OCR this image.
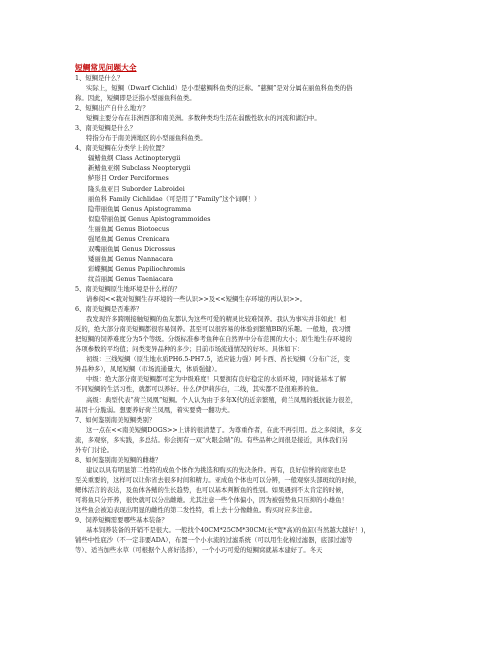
短鲷常见问题大全
1、短鲷是什么？
实际上，短鲷（Dwarf Cichlid）是小型慈鲷科鱼类的泛称。“慈鲷”是对分属在丽鱼科鱼类的俗
称。因此，短鲷即是泛指小型丽鱼科鱼类。
2、短鲷出产自什么地方？
短鲷主要分布在非洲西部和南美洲。多数种类均生活在弱酸性软水的河流和湖泊中。
3、南美短鲷是什么？
特指分布于南美洲地区的小型丽鱼科鱼类。
4、南美短鲷在分类学上的位置？
辐鳍鱼纲 Class Actinopterygii
新鳍鱼亚纲 Subclass Neopterygii
鲈形目 Order Perciformes
隆头鱼亚目 Suborder Labroidei
丽鱼科 Family Cichlidae（可是用了“Family”这个词啊！）
隐带丽鱼属 Genus Apistogramma
似隐带丽鱼属 Genus Apistogrammoides
生丽鱼属 Genus Biotoecus
强尾鱼属 Genus Crenicara
双嘴丽鱼属 Genus Dicrossus
矮丽鱼属 Genus Nannacara
彩蝶鲷属 Genus Papiliochromis
纹首丽属 Genus Taeniacara
5、南美短鲷原生地环境是什么样的？
请参阅<<栽对短鲷生存环境的一些认识>>及<<短鲷生存环境的再认识>>。
6、南美短鲷是否难养？
我发现许多跨刚接触短鲷的鱼友都认为这些可爱的精灵比较难饲养。我认为事实并非如此！相
反的，绝大部分南美短鲷都很容易饲养。甚至可以很容易的体验到繁殖BB的乐趣。一般地，我习惯
把短鲷的饲养难度分为5个等级。分级标准参考鱼种在自然界中分布范围的大小；原生地生存环境的
各项参数的平均值；问类变异品种的多少；目前市场流通情况的好坏。具体如下：
初级：三线短鲷（原生地水质PH6.5-PH7.5，适应能力强）阿卡西、酋长短鲷（分布广泛，变
异品种多），凤尾短鲷（市场流通量大，体质强健）。
中级：绝大部分南美短鲷都可定为中级难度！只要拥有良好稳定的水质环境，同时能基本了解
不同短鲷的生活习性，就都可以养好。什么伊伊莉莎白，二线，其实都不是很难养的鱼。
高级：典型代表“荷兰凤凰”短鲷。个人认为由于多年X代的近亲繁殖，荷兰凤凰的抵抗能力很差，
基因十分脆弱。想要养好荷兰凤凰，着实要费一翻功夫。
7、如何鉴别南美短鲷类别？
这一点在<<南美短鲷DOGS>>上讲的很清楚了。为尊重作者，在此不再引用。总之多阅读，多交
流，多观察，多实践，多总结。你会拥有一双“火眼金睛”的。有些品种之间很是接近，具体我们另
外专门讨论。
8、如何鉴别南美短鲷的雌雄？
建议以具有明显第二性特的成鱼个体作为挑选和购买的先决条件。再有，良好信誉的商家也是
至关重要的，这样可以让你省去很多时间和精力。亚成鱼个体也可以分辨，一般观察头部斑纹的时候，
鳃体活言的表达，及鱼体各鳍的生长趋势，也可以基本判断鱼的性别。如果遇到不太肯定的时候，
可将鱼只分开养，很快就可以分出雌雄。尤其注意一些个体偏小，因为被强势鱼只压抑的小雄鱼！
这些鱼会被迫表现出明显的雌性的第二发性特，看上去十分像雌鱼。购买时应多注意。
9、饲养短鲷需要哪些基本装备？
基本饲养装备的开销不是很大。一般找个40CM*25CM*30CM(长*宽*高)的鱼缸(当然越大越好！)，
铺些中性底沙（不一定非要ADA），布置一个小水流的过滤系统（可以用生化棉过滤器，底部过滤等
等）、适当加些水草（可根据个人喜好选择），一个小巧可爱的短鲷窝就基本建好了。冬天
